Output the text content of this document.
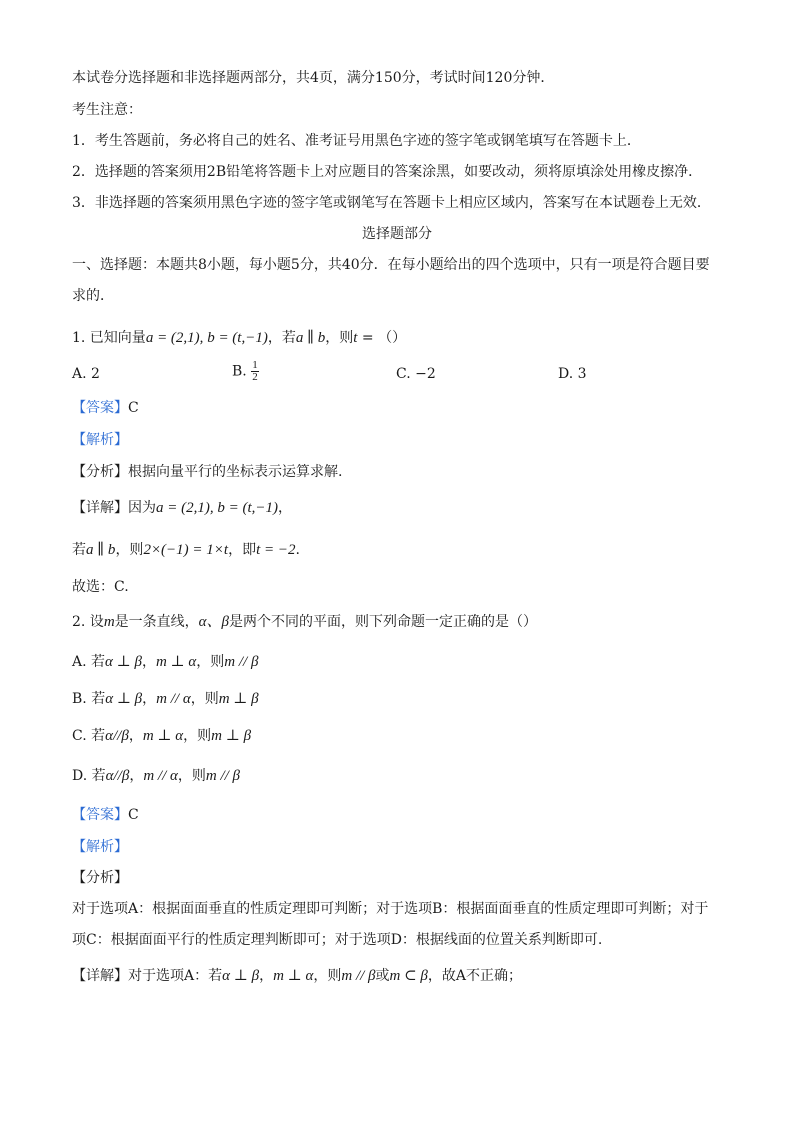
本试卷分选择题和非选择题两部分，共4页，满分150分，考试时间120分钟．
考生注意：
1．考生答题前，务必将自己的姓名、准考证号用黑色字迹的签字笔或钢笔填写在答题卡上．
2．选择题的答案须用2B铅笔将答题卡上对应题目的答案涂黑，如要改动，须将原填涂处用橡皮擦净．
3．非选择题的答案须用黑色字迹的签字笔或钢笔写在答题卡上相应区域内，答案写在本试题卷上无效．
选择题部分
一、选择题：本题共8小题，每小题5分，共40分．在每小题给出的四个选项中，只有一项是符合题目要
求的．
1. 已知向量a = (2,1), b = (t,−1)，若a ∥ b，则t = （）
A. 2	B. $\frac{1}{2}$	C. −2	D. 3
【答案】C
【解析】
【分析】根据向量平行的坐标表示运算求解.
【详解】因为a = (2,1), b = (t,−1)，
若a ∥ b，则2×(−1) = 1×t，即t = −2.
故选：C.
2. 设m是一条直线，α、β是两个不同的平面，则下列命题一定正确的是（）
A. 若α ⊥ β，m ⊥ α，则m // β
B. 若α ⊥ β，m // α，则m ⊥ β
C. 若α//β，m ⊥ α，则m ⊥ β
D. 若α//β，m // α，则m // β
【答案】C
【解析】
【分析】
对于选项A：根据面面垂直的性质定理即可判断；对于选项B：根据面面垂直的性质定理即可判断；对于
项C：根据面面平行的性质定理判断即可；对于选项D：根据线面的位置关系判断即可.
【详解】对于选项A：若α ⊥ β，m ⊥ α，则m // β或m ⊂ β，故A不正确；
